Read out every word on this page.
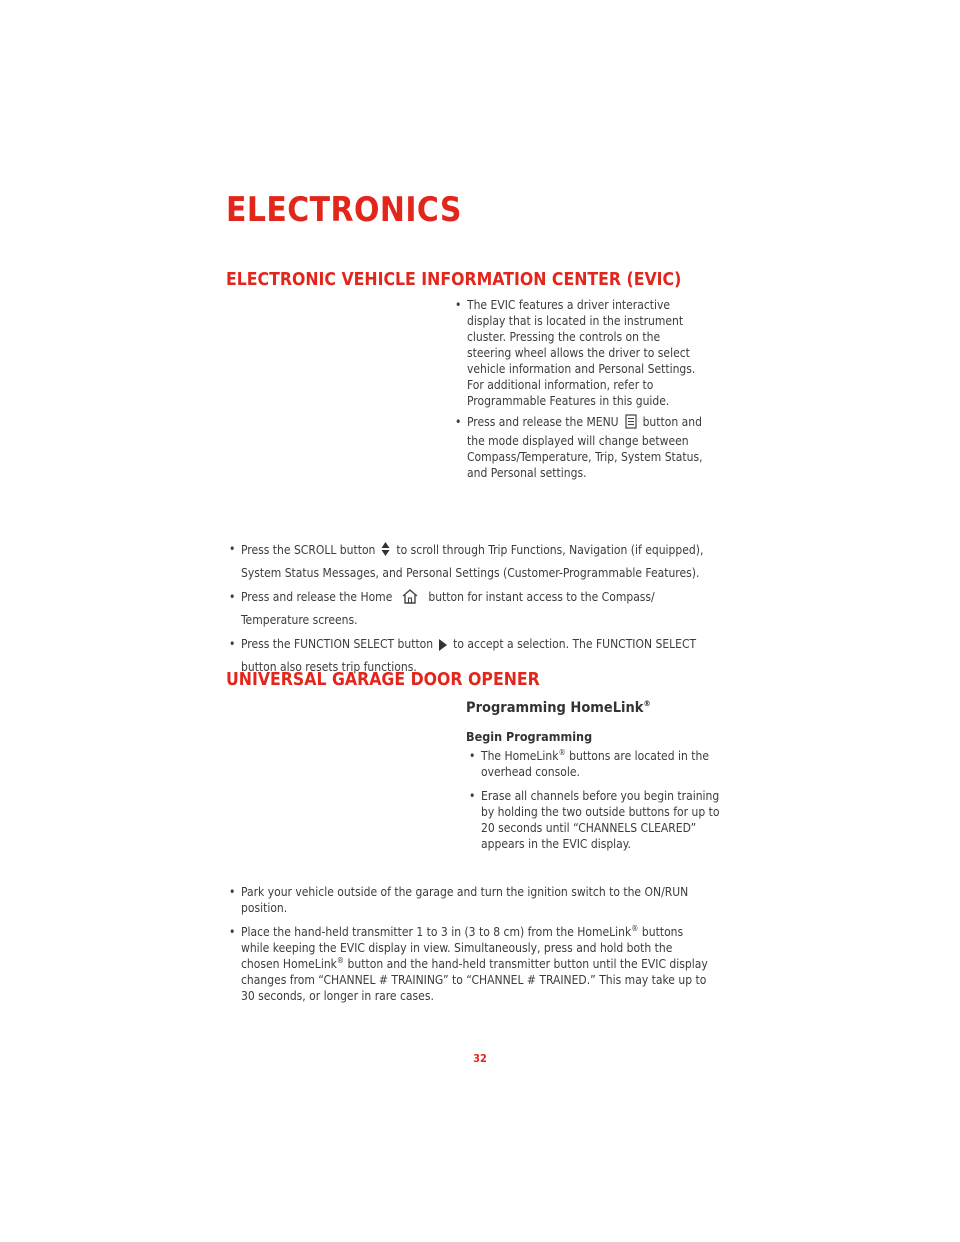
ELECTRONICS
ELECTRONIC VEHICLE INFORMATION CENTER (EVIC)
• The EVIC features a driver interactive
display that is located in the instrument
cluster. Pressing the controls on the
steering wheel allows the driver to select
vehicle information and Personal Settings.
For additional information, refer to
Programmable Features in this guide.
• Press and release the MENU button and
the mode displayed will change between
Compass/Temperature, Trip, System Status,
and Personal settings.
• Press the SCROLL button to scroll through Trip Functions, Navigation (if equipped),
System Status Messages, and Personal Settings (Customer-Programmable Features).
• Press and release the Home	button for instant access to the Compass/
Temperature screens.
• Press the FUNCTION SELECT button to accept a selection. The FUNCTION SELECT
button also resets trip functions.
UNIVERSAL GARAGE DOOR OPENER
Programming HomeLink®
Begin Programming
• The HomeLink® buttons are located in the
overhead console.
• Erase all channels before you begin training
by holding the two outside buttons for up to
20 seconds until “CHANNELS CLEARED”
appears in the EVIC display.
• Park your vehicle outside of the garage and turn the ignition switch to the ON/RUN
position.
• Place the hand-held transmitter 1 to 3 in (3 to 8 cm) from the HomeLink® buttons
while keeping the EVIC display in view. Simultaneously, press and hold both the
chosen HomeLink® button and the hand-held transmitter button until the EVIC display
changes from “CHANNEL # TRAINING” to “CHANNEL # TRAINED.” This may take up to
30 seconds, or longer in rare cases.
32
